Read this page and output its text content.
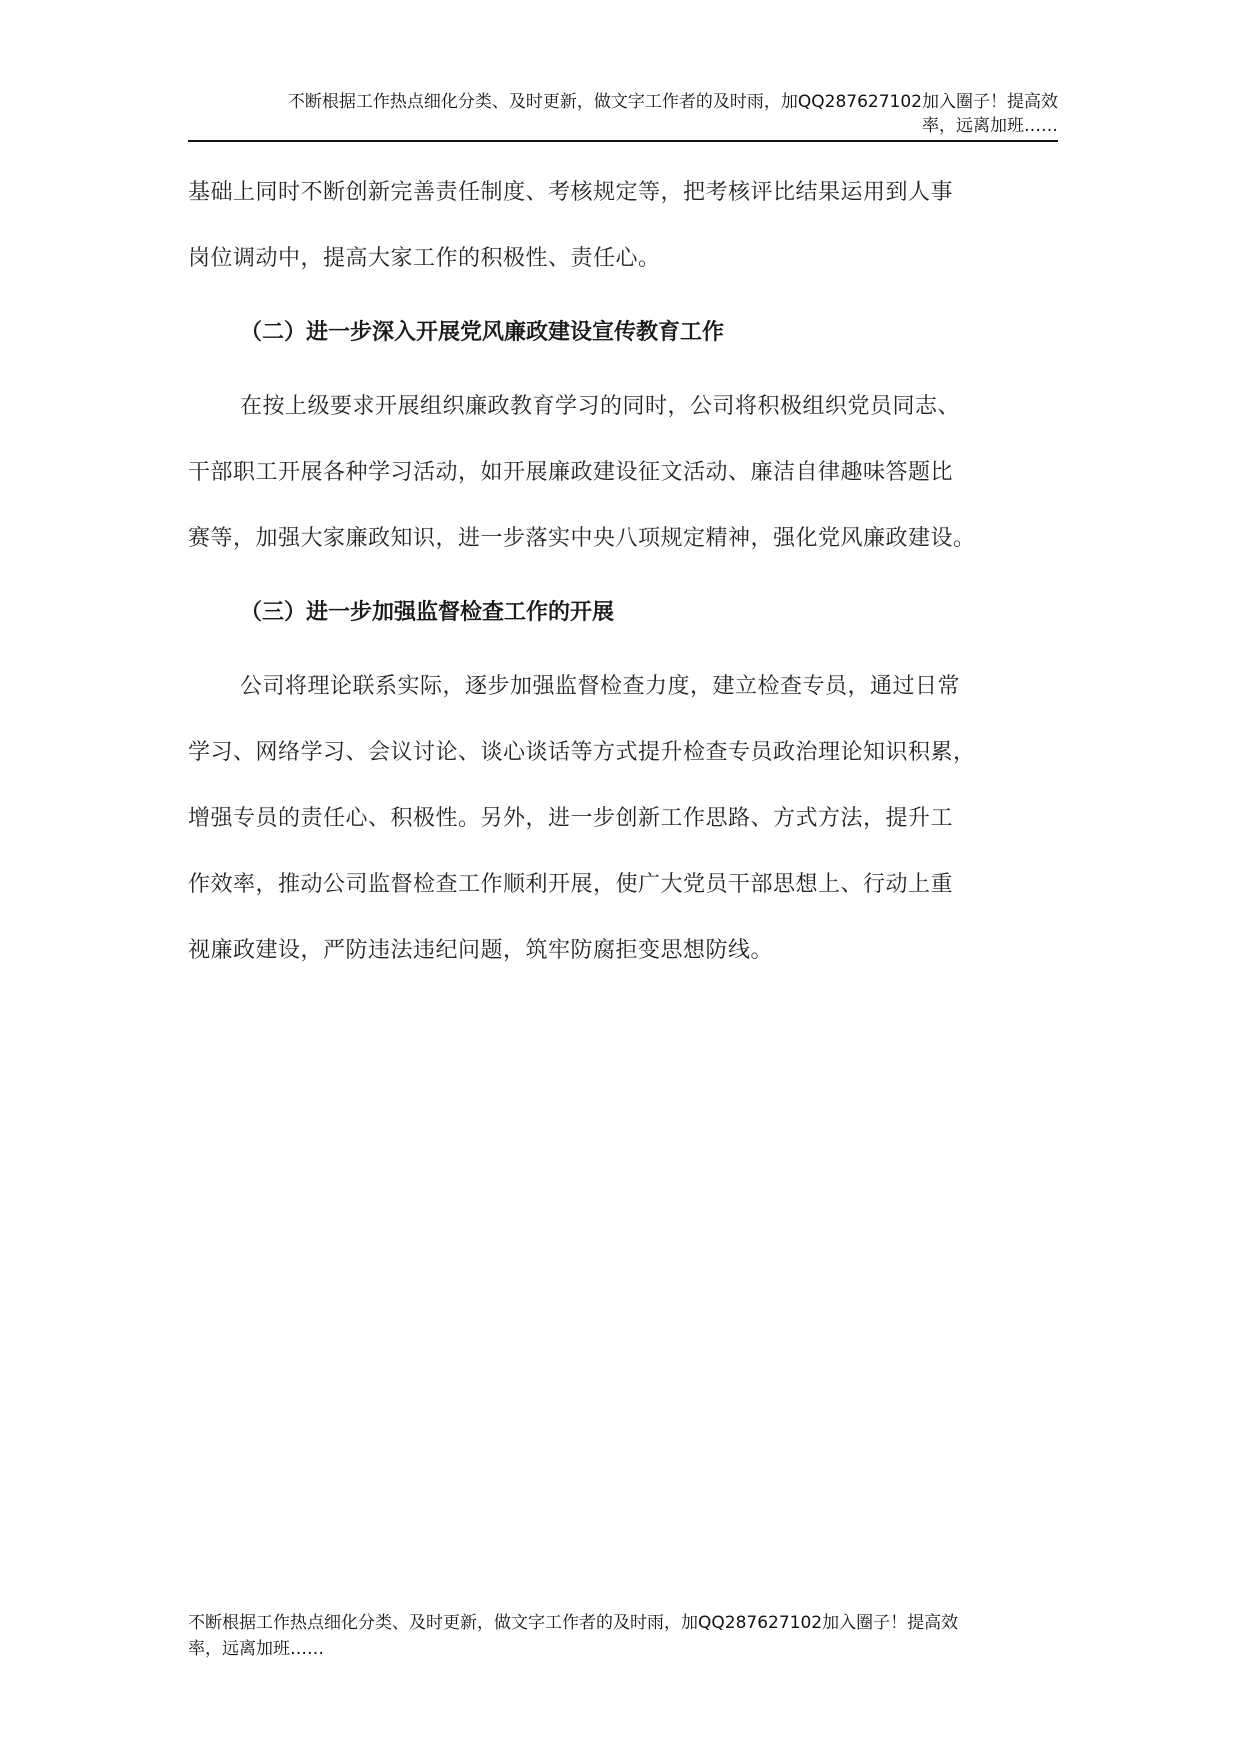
不断根据工作热点细化分类、及时更新，做文字工作者的及时雨，加QQ287627102加入圈子！提高效
率，远离加班……

基础上同时不断创新完善责任制度、考核规定等，把考核评比结果运用到人事
岗位调动中，提高大家工作的积极性、责任心。

（二）进一步深入开展党风廉政建设宣传教育工作

在按上级要求开展组织廉政教育学习的同时，公司将积极组织党员同志、
干部职工开展各种学习活动，如开展廉政建设征文活动、廉洁自律趣味答题比
赛等，加强大家廉政知识，进一步落实中央八项规定精神，强化党风廉政建设。

（三）进一步加强监督检查工作的开展

公司将理论联系实际，逐步加强监督检查力度，建立检查专员，通过日常
学习、网络学习、会议讨论、谈心谈话等方式提升检查专员政治理论知识积累，
增强专员的责任心、积极性。另外，进一步创新工作思路、方式方法，提升工
作效率，推动公司监督检查工作顺利开展，使广大党员干部思想上、行动上重
视廉政建设，严防违法违纪问题，筑牢防腐拒变思想防线。

不断根据工作热点细化分类、及时更新，做文字工作者的及时雨，加QQ287627102加入圈子！提高效
率，远离加班……
